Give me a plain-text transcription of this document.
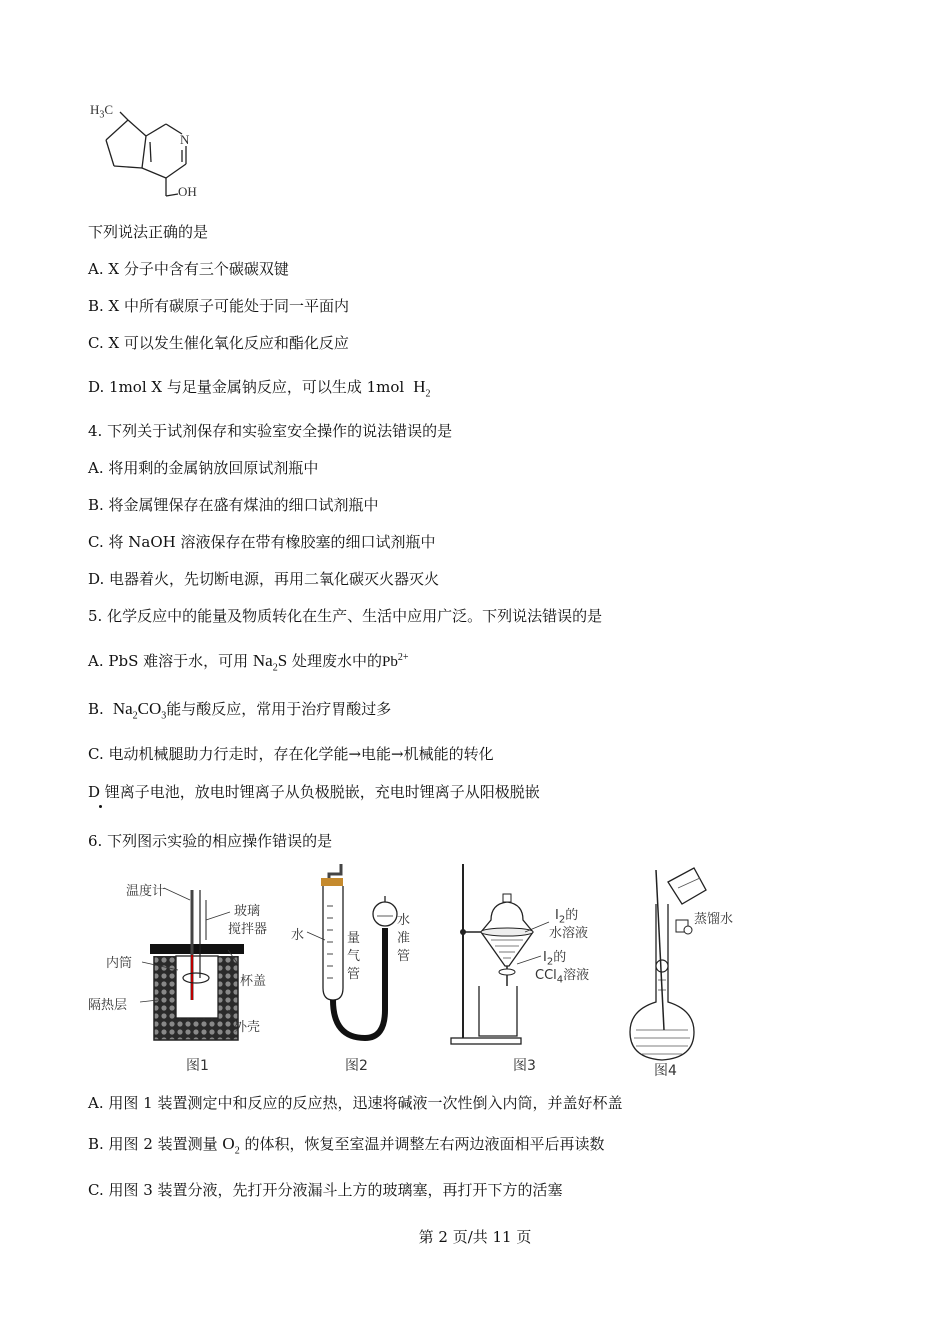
$H_3C$
N
OH
下列说法正确的是
A. X 分子中含有三个碳碳双键
B. X 中所有碳原子可能处于同一平面内
C. X 可以发生催化氧化反应和酯化反应
D. 1mol X 与足量金属钠反应，可以生成 1mol  $H_2$
4. 下列关于试剂保存和实验室安全操作的说法错误的是
A. 将用剩的金属钠放回原试剂瓶中
B. 将金属锂保存在盛有煤油的细口试剂瓶中
C. 将 NaOH 溶液保存在带有橡胶塞的细口试剂瓶中
D. 电器着火，先切断电源，再用二氧化碳灭火器灭火
5. 化学反应中的能量及物质转化在生产、生活中应用广泛。下列说法错误的是
A. PbS 难溶于水，可用 $Na_2S$ 处理废水中的$Pb^{2+}$
B.  $Na_2CO_3$能与酸反应，常用于治疗胃酸过多
C. 电动机械腿助力行走时，存在化学能→电能→机械能的转化
D 锂离子电池，放电时锂离子从负极脱嵌，充电时锂离子从阳极脱嵌
6. 下列图示实验的相应操作错误的是
温度计
玻璃
搅拌器
内筒
杯盖
隔热层
外壳
图1
水	量气管
水准管
图2
$I_2$的
水溶液
$I_2$的
CCl$_4$溶液
图3
蒸馏水
图4
A. 用图 1 装置测定中和反应的反应热，迅速将碱液一次性倒入内筒，并盖好杯盖
B. 用图 2 装置测量 $O_2$ 的体积，恢复至室温并调整左右两边液面相平后再读数
C. 用图 3 装置分液，先打开分液漏斗上方的玻璃塞，再打开下方的活塞
第 2 页/共 11 页
